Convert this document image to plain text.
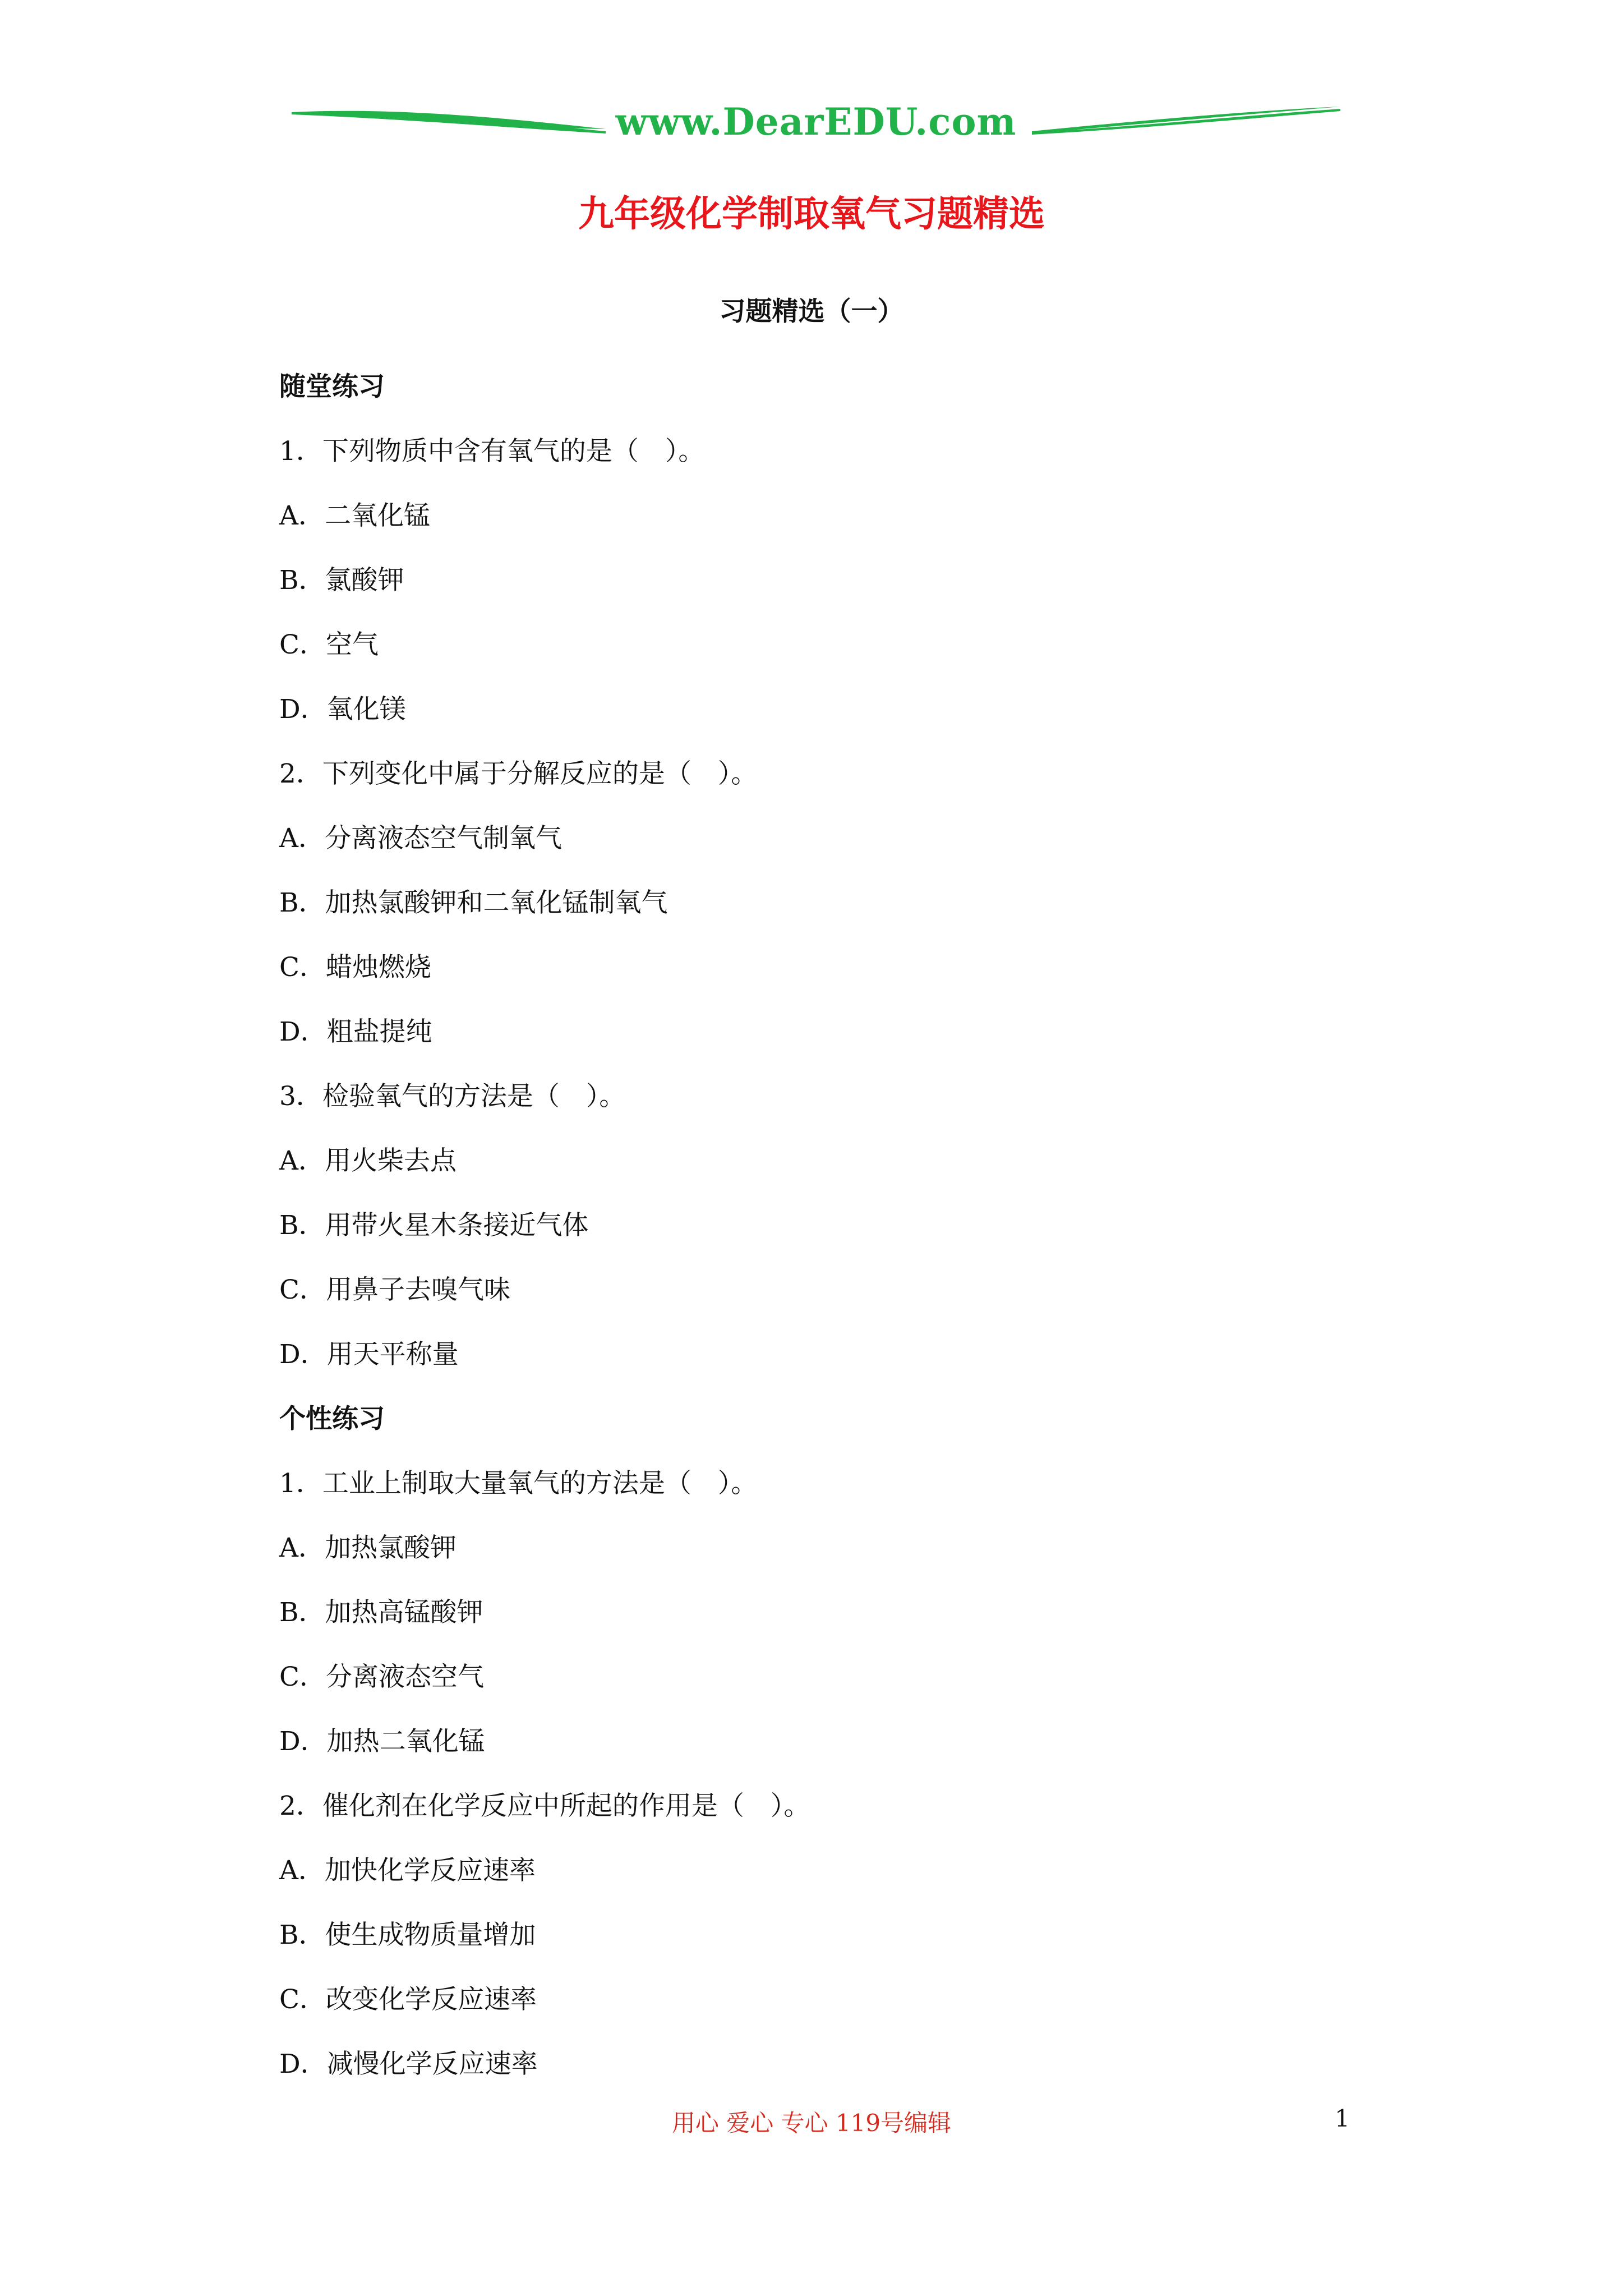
www.DearEDU.com
九年级化学制取氧气习题精选
习题精选（一）
随堂练习
1．下列物质中含有氧气的是（　）。
A．二氧化锰
B．氯酸钾
C．空气
D．氧化镁
2．下列变化中属于分解反应的是（　）。
A．分离液态空气制氧气
B．加热氯酸钾和二氧化锰制氧气
C．蜡烛燃烧
D．粗盐提纯
3．检验氧气的方法是（　）。
A．用火柴去点
B．用带火星木条接近气体
C．用鼻子去嗅气味
D．用天平称量
个性练习
1．工业上制取大量氧气的方法是（　）。
A．加热氯酸钾
B．加热高锰酸钾
C．分离液态空气
D．加热二氧化锰
2．催化剂在化学反应中所起的作用是（　）。
A．加快化学反应速率
B．使生成物质量增加
C．改变化学反应速率
D．减慢化学反应速率
用心 爱心 专心 119号编辑	1
